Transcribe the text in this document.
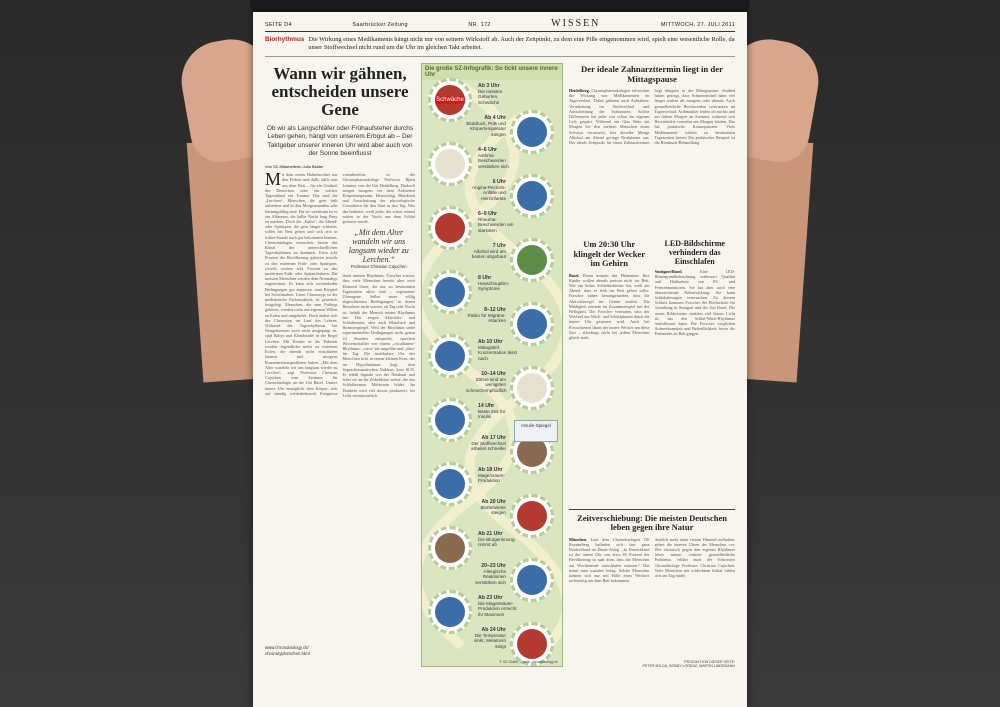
SEITE D4	Saarbrücker Zeitung	NR. 172	WISSEN	MITTWOCH, 27. JULI 2011
Biorhythmus Die Wirkung eines Medikaments hängt nicht nur von seinem Wirkstoff ab. Auch der Zeitpunkt, zu dem eine Pille eingenommen wird, spielt eine wesentliche Rolle, da unser Stoffwechsel nicht rund um die Uhr im gleichen Takt arbeitet.
Wann wir gähnen, entscheiden unsere Gene
Ob wir als Langschläfer oder Frühaufsteher durchs Leben gehen, hängt von unserem Erbgut ab – Der Taktgeber unserer inneren Uhr wird aber auch von der Sonne beeinflusst
Von SZ-Mitarbeiterin Julia Bidder
M it dem ersten Hahnenschrei aus den Federn und dalli, dalli raus aus dem Bett – für ein Großteil der Deutschen wäre ein solcher Tagesablauf ein Trauma. Das sind die „Lerchen“, Menschen, die gern früh aufstehen und in den Morgenstunden sehr leistungsfähig sind. Für sie wiederum ist es ein Albtraum, die halbe Nacht lang Party zu machen. Doch die „Eulen“, die Abend- oder Spättypen, die gern länger schlafen, sollen bis Bett gehen und sich erst in früher Stunde nach gut bekommen können. Chronobiologen versuchen, hinter das Rätsel der unterschiedlichen Tagesrhythmen zu kommen. Etwa acht Prozent der Bevölkerung gehören jeweils zu den extremen Früh- oder Spättypen, jeweils weitere acht Prozent zu den moderaten Früh- oder Spätaufstehern. Die meisten Menschen werden dem Normaltyp zugerechnet. Er kann sich wechselnden Bedingungen gut anpassen, zum Beispiel bei Schichtarbeit. Unser Chronotyp, so der medizinische Fachausdruck, ist genetisch festgelegt. Menschen, die zum Frühtyp gehören, werden nicht aus eigenem Willen zu Eulen und umgekehrt. Doch ändert sich der Chronotyp im Lauf des Lebens. Während der Tagesrhythmus bei Neugeborenen noch nicht ausgeprägt ist, sind Babys und Kleinkinder in der Regel Lerchen. Mit Eintritt in die Pubertät werden Jugendliche meist zu extremen Eulen, die abends nicht einschlafen können und morgens Konzentrationsprobleme haben. „Mit dem Alter wandeln wir uns langsam wieder zu Lerchen“, sagt Professor Christian Cajochen vom Zentrum für Chronobiologie an der Uni Basel. Unsere innere Uhr ermöglicht dem Körper, sich auf ständig wiederkehrende Ereignisse vorzubereiten, so der Chronopharmakologe Professor Björn Lemmer von der Uni Heidelberg. Dadurch steigen morgens vor dem Aufstehen Körpertemperatur, Herzschlag, Blutdruck und Ausschüttung der physiologische Countdown für den Start in den Tag. Was das bedeutet, weiß jeder, der schon einmal mitten in der Nacht aus dem Schlaf gerissen wurde.
„Mit dem Alter wandeln wir uns langsam wieder zu Lerchen.“
Professor Christian Cajochen
ihren inneren Rhythmus. Forscher wissen, dass viele Menschen bereits über zwei Dutzend Gene, die nur zu bestimmten Tageszeiten aktiv sind – sogenannte Uhrengene. Selbst unter völlig abgeschirmten Bedingungen, in denen Bewohner nicht wissen, ob Tag oder Nacht ist, behält der Mensch seinen Rhythmus bei. Das zeigen Aktivitäts- und Schlafmuster, aber auch Blutdruck und Hormonspiegel. Weil der Rhythmus unter experimentellen Bedingungen nicht genau 24 Stunden entspricht, sprechen Wissenschaftler von einem „circadianen“ Rhythmus: „circa“ für ungefähr und „dies“ für Tag. Die molekulare Uhr des Menschen tickt in einem kleinen Kern, der im Hypothalamus liegt, dem Suprachiasmatischen Nukleus, kurz SCN. Er erhält Signale von der Netzhaut und leitet sie an die Zirbeldrüse weiter, die das Schlafhormon Melatonin bildet. Im Dunkeln wird viel davon produziert, bei Licht verantwortlich.
www.chronobiology.ch/
chronotypforschen.html
Die große SZ-Infografik: So tickt unsere innere Uhr
Schwäche
Ab 3 Uhr
Die meisten Geburten, Schwäche
Ab 4 Uhr
Blutdruck, Puls und Körpertemperatur steigen
4–6 Uhr
Asthma-Beschwerden verstärken sich
6 Uhr
Angina-Pectoris-Anfälle und Herzinfarkte
6–9 Uhr
Rheuma-Beschwerden am stärksten
7 Uhr
Alkohol wird am besten abgebaut
8 Uhr
Heuschnupfen-Symptome
8–12 Uhr
Risiko für Migräne-Attacken
Ab 10 Uhr
Mittagstief, Konzentration lässt nach
10–14 Uhr
Zähne sind am wenigsten schmerzempfindlich
14 Uhr
Beste Zeit für Insulin
Ab 17 Uhr
Der Stoffwechsel arbeitet schneller
Ab 18 Uhr
Magensäure-Produktion
Ab 20 Uhr
Blutfettwerte steigen
Ab 21 Uhr
Die Blutgerinnung nimmt ab
20–23 Uhr
Allergische Reaktionen verstärken sich
Ab 23 Uhr
Die Magensäure-Produktion erreicht ihr Maximum
Ab 24 Uhr
Die Temperatur sinkt, Melatonin steigt
Insulin-Spiegel
© SZ-Grafik, Quelle: chronobiology.ch
Der ideale Zahnarzttermin liegt in der Mittagspause
Heidelberg. Chronopharmakologen erforschen die Wirkung von Medikamenten im Tagesverlauf. Dabei gehören auch Aufnahme, Verarbeitung im Stoffwechsel und Ausscheidung der Substanzen. Solche Differenzen hat jeder von schon ein eigenen Leib gespürt. Während ein Glas Wein am Morgen bei den meisten Menschen einen Schwips verursacht, löst dieselbe Menge Alkohol am Abend geringe Reaktionen aus. Der ideale Zeitpunkt für einen Zahnarzttermin liegt übrigens in der Mittagspause: Studien haben gezeigt, dass Schmerzmittel dann viel länger wirken als morgens oder abends. Auch gesundheitliche Beschwerden schwanken im Tagesverlauf. Asthmatiker leiden oft nachts und am frühen Morgen an Atemnot, während sich Herzinfarkte vermehrt am Morgen häufen. Das hat praktische Konsequenzen: Viele Medikamente wirken zu bestimmten Tageszeiten besser. Ein praktisches Beispiel ist die Blutdruck-Behandlung.
Um 20:30 Uhr klingelt der Wecker im Gehirn
Basel. Eltern kennen das Phänomen: Ihre Kinder wollen abends partout nicht ins Bett. Wer ein hohes Schlafbedürfnis hat, weiß am Abend, dass er früh ins Bett gehen sollte. Forscher haben herausgefunden, dass die Aktivitätsregel im Gehirn auslöst. Die Müdigkeit entsteht im Zusammenspiel mit der Helligkeit. Die Forscher vermuten, dass der Wechsel aus Wach- und Schlafphasen durch die innere Uhr gesteuert wird. Auch bei Erwachsenen läutet der innere Wecker um diese Zeit – allerdings nicht bei jedem Menschen gleich stark.
LED-Bildschirme verhindern das Einschlafen
Stuttgart/Basel.	Eine LED-Hintergrundbeleuchtung verbessert Qualität und Haltbarkeit von PC- und Fernsehmonitoren. Sie hat aber auch eine überraschende Nebenwirkung: Sie kann Schlafstörungen verursachen. Zu diesem Schluss kommen Forscher der Hochschule für Gestaltung in Stuttgart und der Uni Basel. Die neuen Bildschirme strahlen viel blaues Licht ab, das den Schlaf-Wach-Rhythmus beeinflussen kann. Die Forscher verglichen Aufmerksamkeit und Befindlichkeit, bevor die Probanden zu Bett gingen.
Zeitverschiebung: Die meisten Deutschen leben gegen ihre Natur
München. Laut dem Chronobiologen Till Roenneberg befinden sich fast ganz Deutschland im Dauer-Jetlag. „In Deutschland ist die innere Uhr von etwa 85 Prozent der Bevölkerung so spät dran, dass die Menschen am Wochenende ausschlafen müssen.“ Das nennt man sozialen Jetlag. Solche Menschen können sich nur mit Hilfe eines Weckers rechtzeitig aus dem Bett bekommen.
deutlich mehr unter freiem Himmel aufhalten, gehen die inneren Uhren der Menschen vor. Wer chronisch gegen den eigenen Rhythmus leben müsse, riskiere gesundheitliche Probleme, erklärt auch der Schweizer Chronobiologe Professor Christian Cajochen. Viele Menschen mit schlechtem Schlaf fühlen sich am Tag müde.
PRODUKTION DIESER SEITE:
PETER BYLDA, BOBBY LORENZ, MARTIN LINDEMANN
